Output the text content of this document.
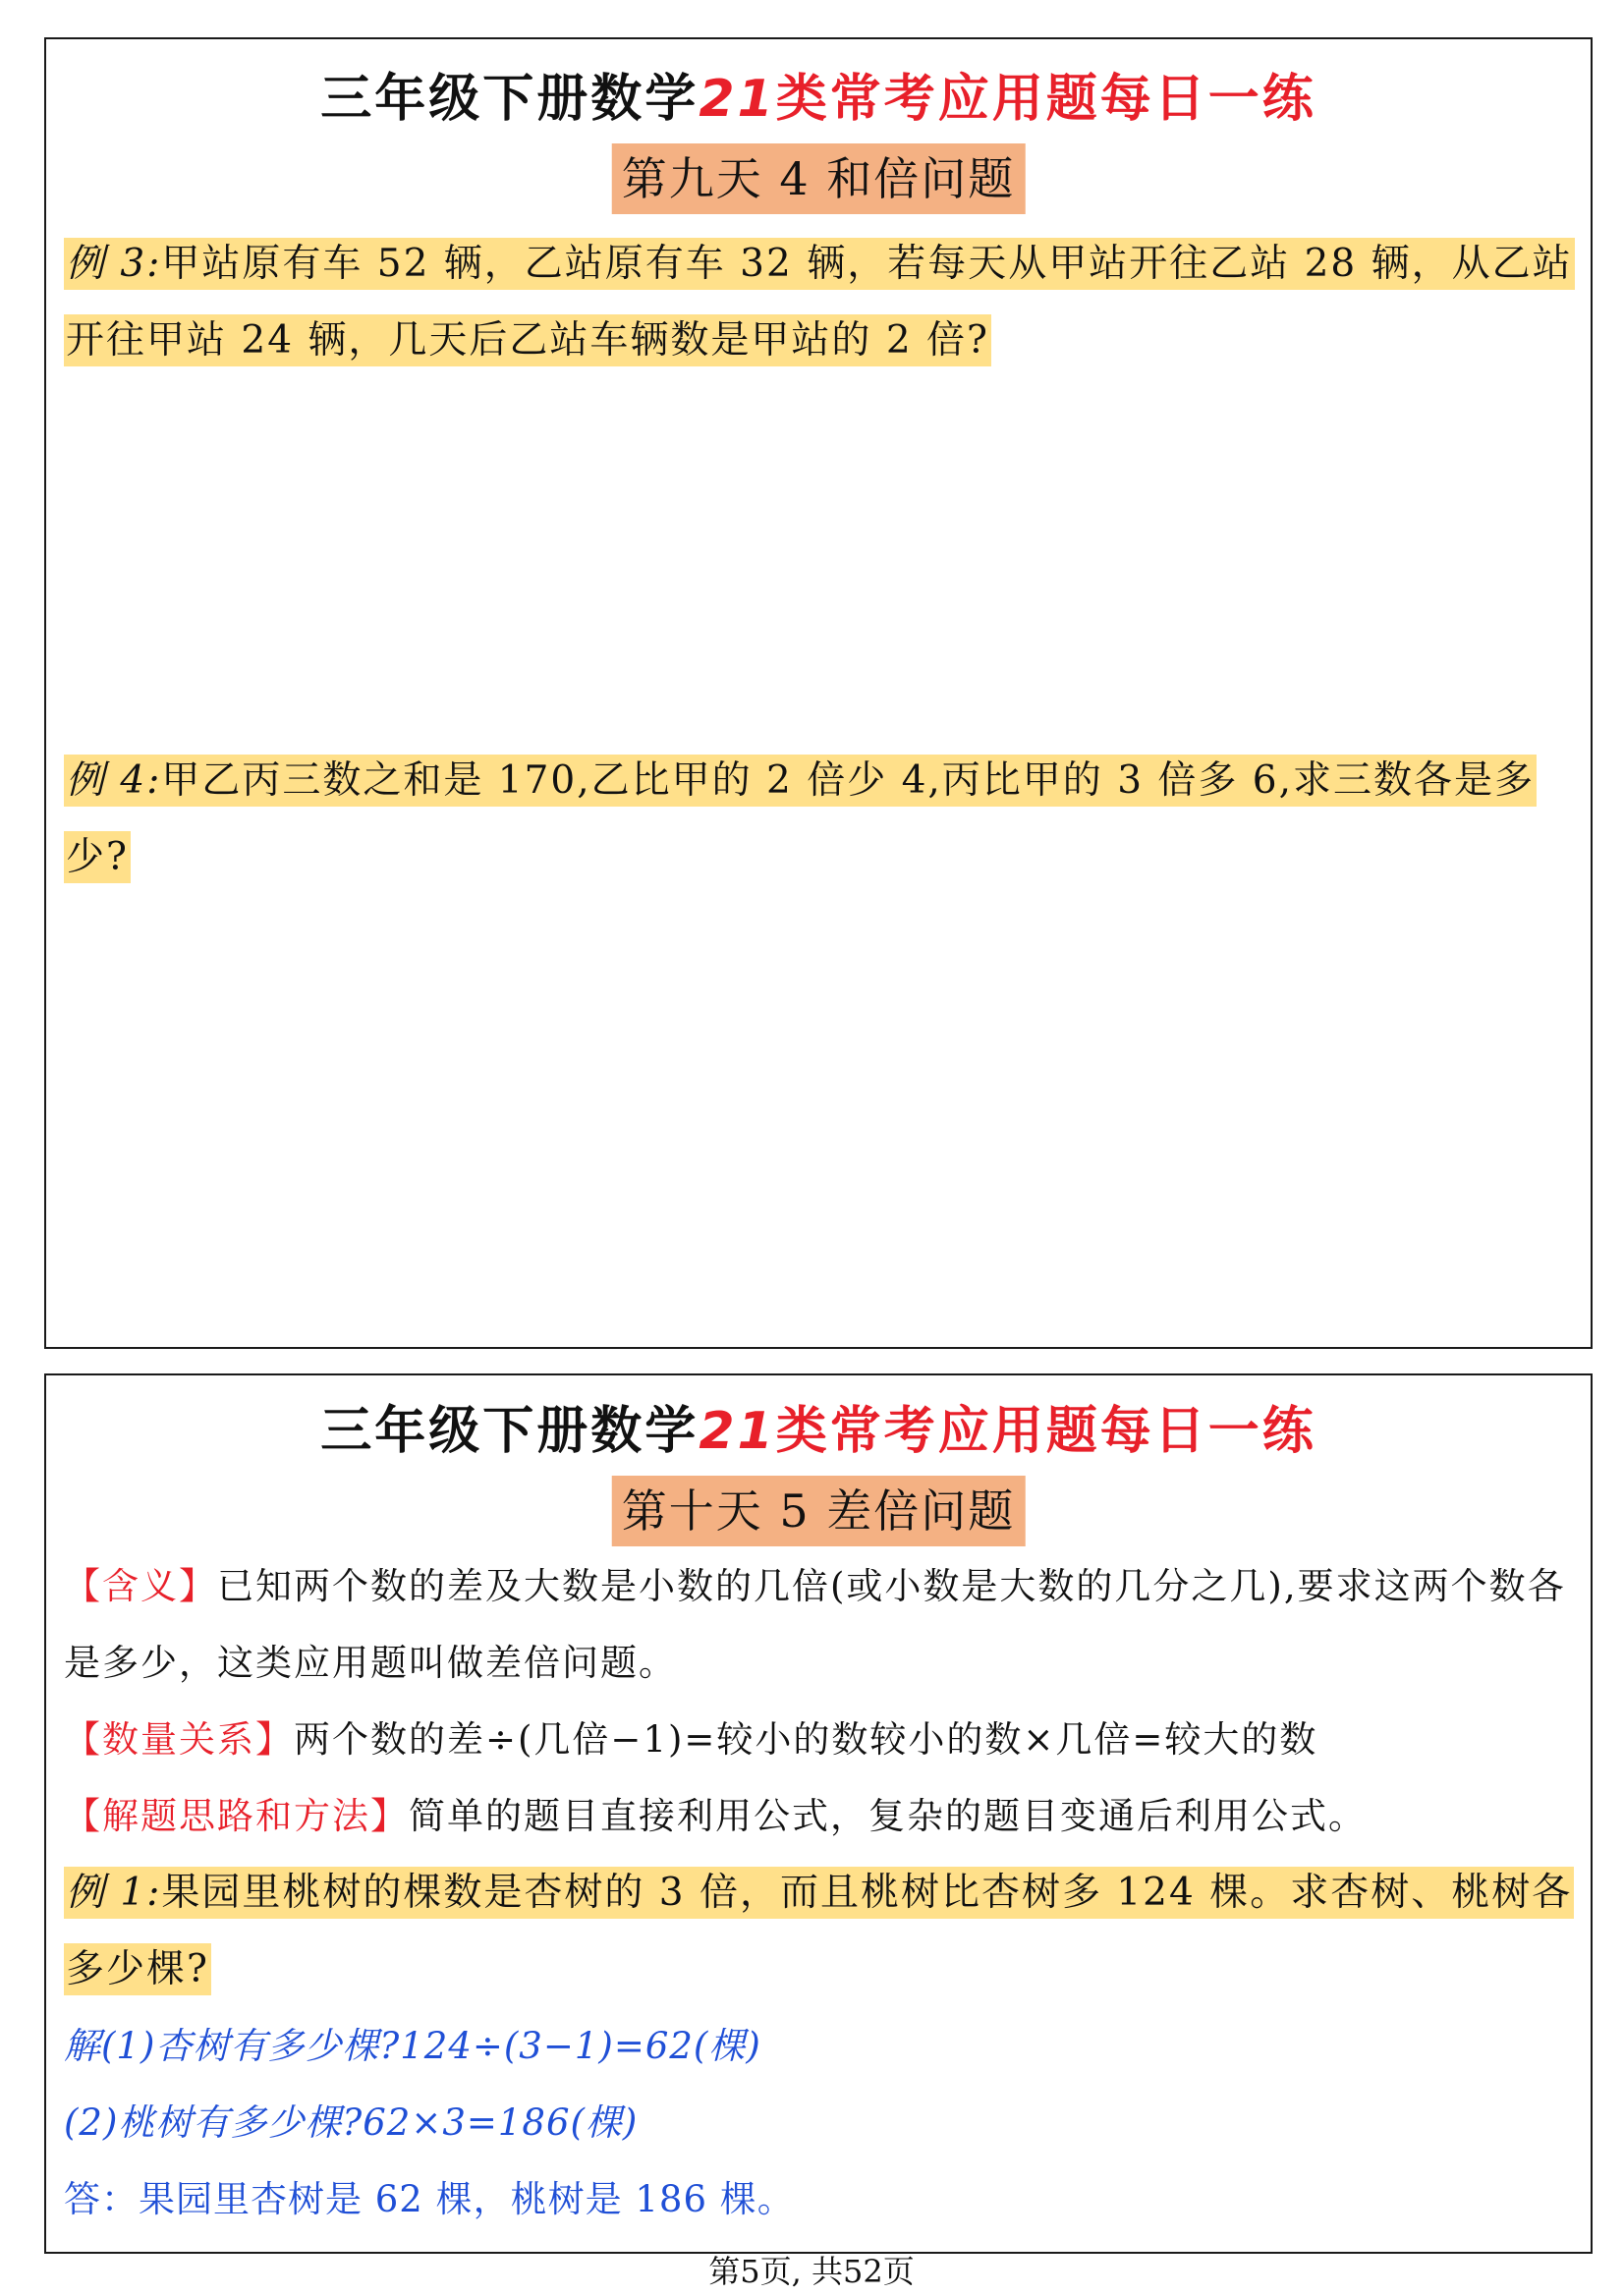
三年级下册数学21类常考应用题每日一练
第九天 4 和倍问题
例 3:甲站原有车 52 辆，乙站原有车 32 辆，若每天从甲站开往乙站 28 辆，从乙站开往甲站 24 辆，几天后乙站车辆数是甲站的 2 倍?
例 4:甲乙丙三数之和是 170,乙比甲的 2 倍少 4,丙比甲的 3 倍多 6,求三数各是多少?
三年级下册数学21类常考应用题每日一练
第十天 5 差倍问题
【含义】已知两个数的差及大数是小数的几倍(或小数是大数的几分之几),要求这两个数各是多少，这类应用题叫做差倍问题。
【数量关系】两个数的差÷(几倍−1)=较小的数较小的数×几倍=较大的数
【解题思路和方法】简单的题目直接利用公式，复杂的题目变通后利用公式。
例 1:果园里桃树的棵数是杏树的 3 倍，而且桃树比杏树多 124 棵。求杏树、桃树各多少棵?
解(1)杏树有多少棵?124÷(3−1)=62(棵)
(2)桃树有多少棵?62×3=186(棵)
答：果园里杏树是 62 棵，桃树是 186 棵。
第5页, 共52页
